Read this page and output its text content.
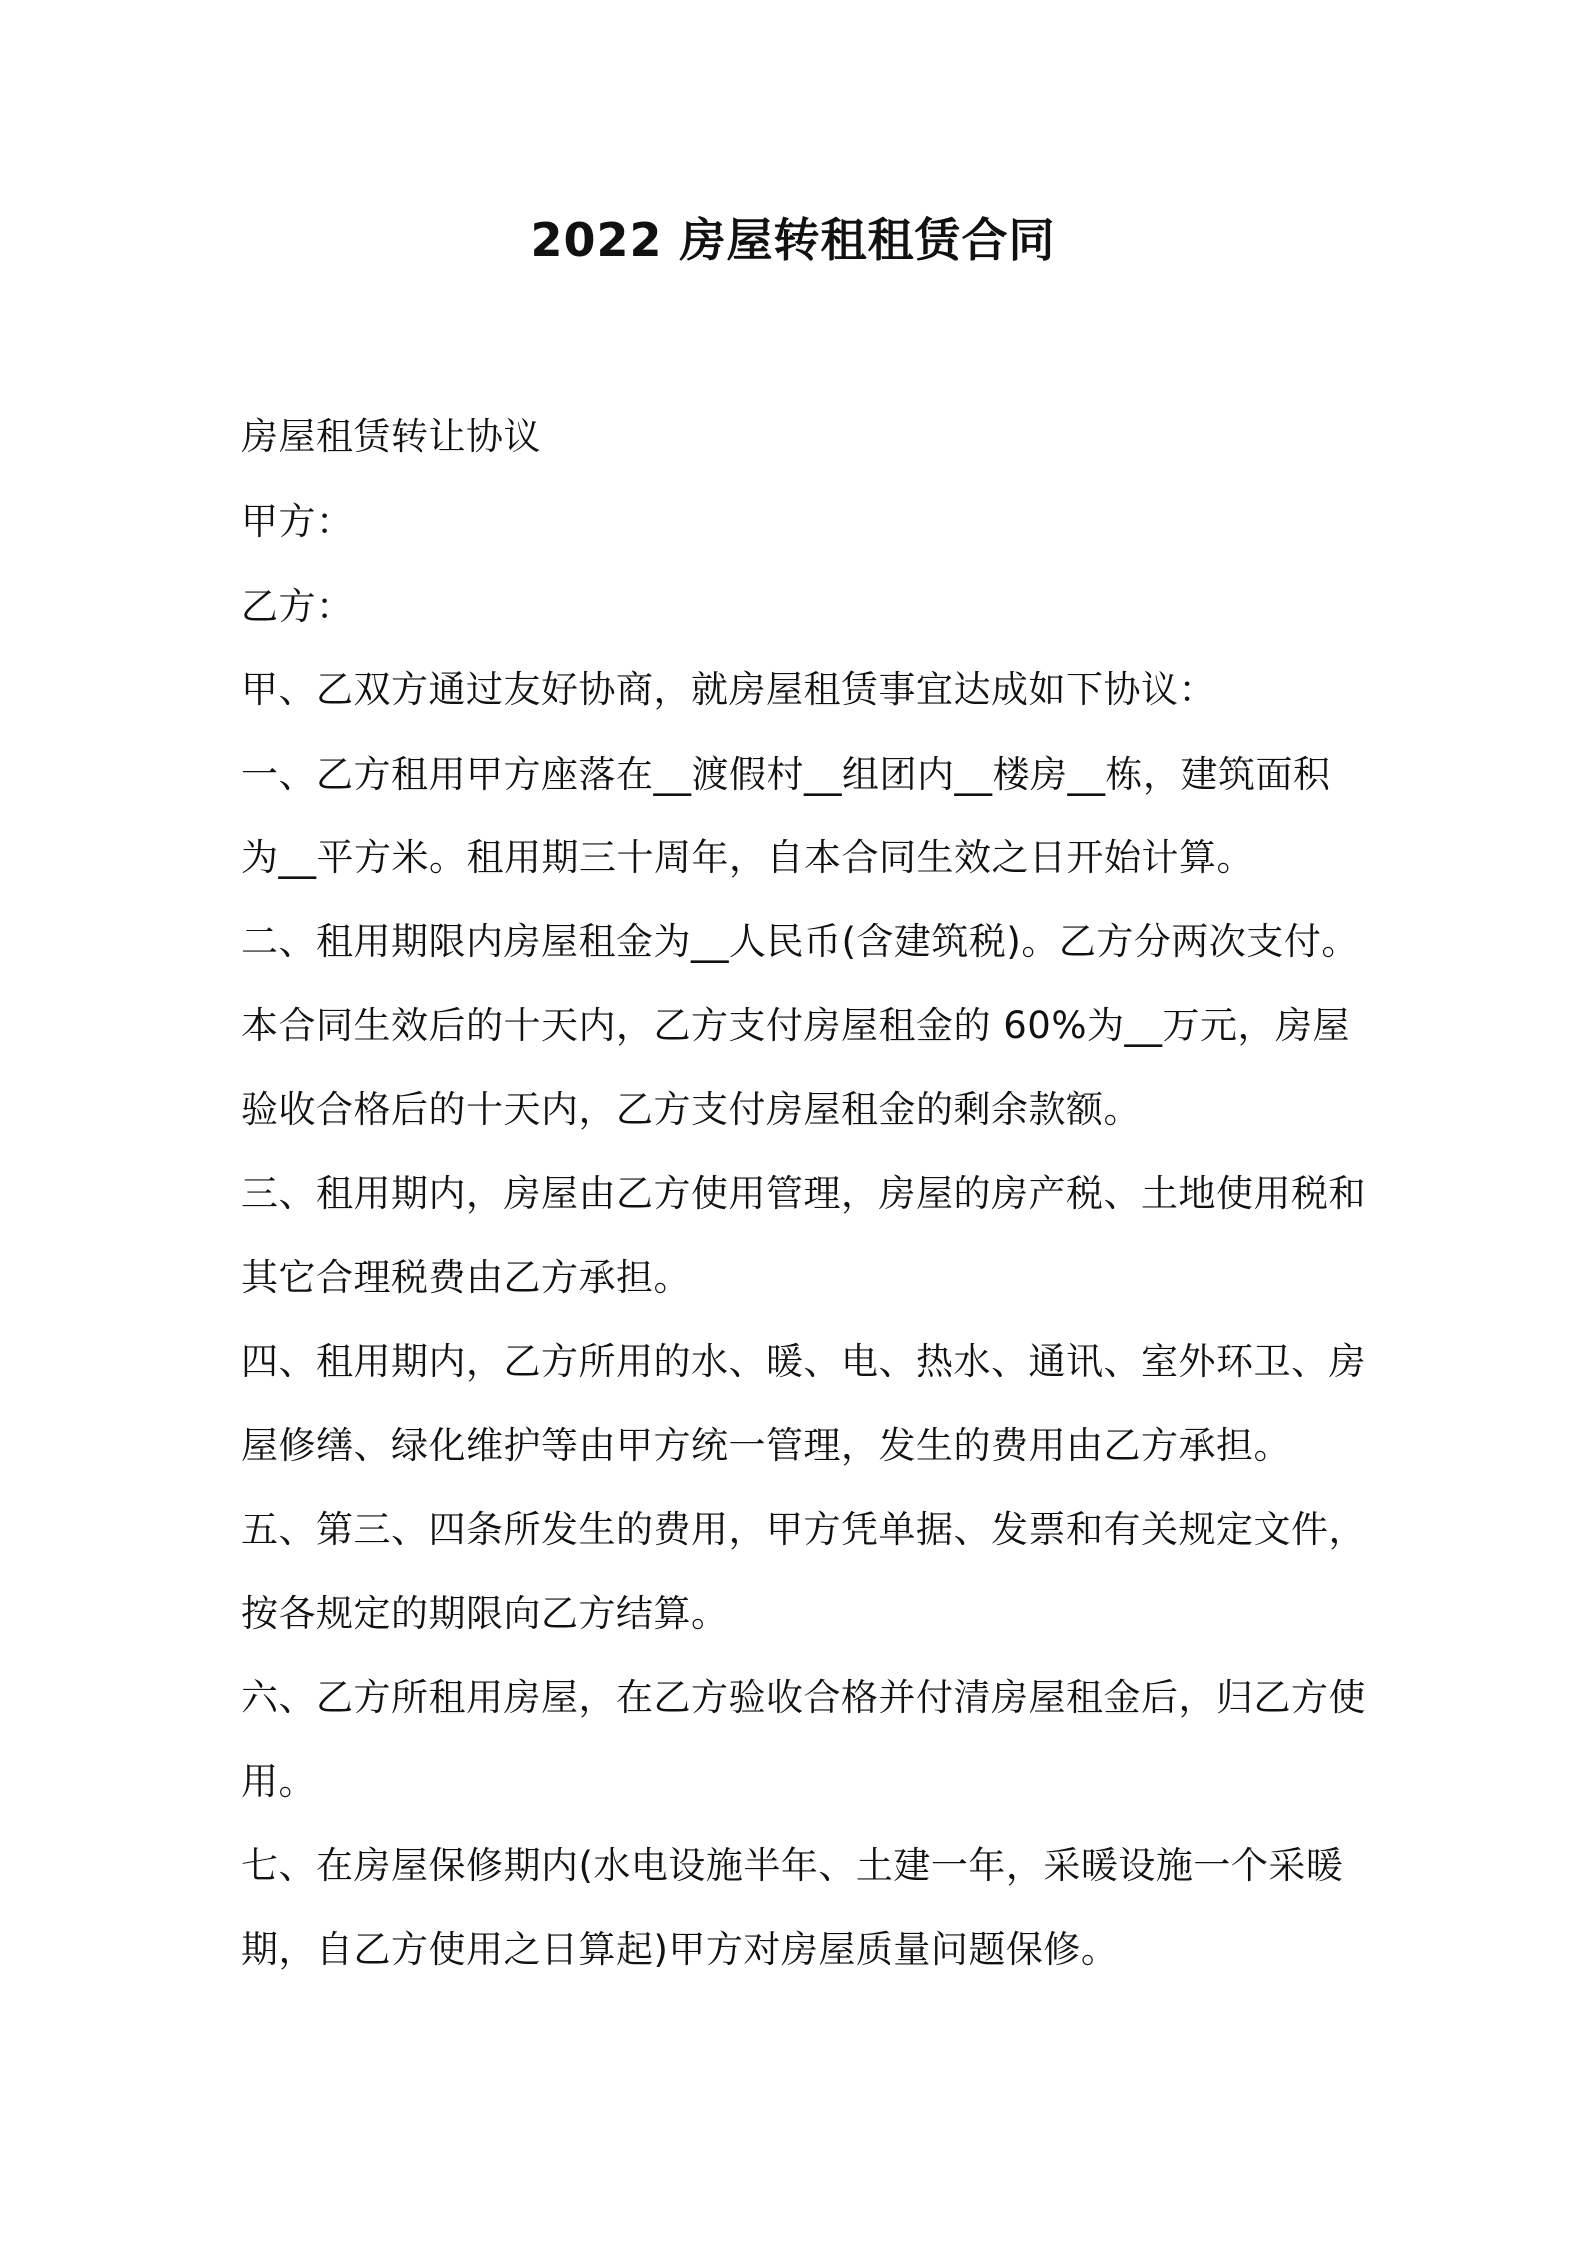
2022 房屋转租租赁合同
房屋租赁转让协议
甲方：
乙方：
甲、乙双方通过友好协商，就房屋租赁事宜达成如下协议：
一、乙方租用甲方座落在__渡假村__组团内__楼房__栋，建筑面积
为__平方米。租用期三十周年，自本合同生效之日开始计算。
二、租用期限内房屋租金为__人民币(含建筑税)。乙方分两次支付。
本合同生效后的十天内，乙方支付房屋租金的 60%为__万元，房屋
验收合格后的十天内，乙方支付房屋租金的剩余款额。
三、租用期内，房屋由乙方使用管理，房屋的房产税、土地使用税和
其它合理税费由乙方承担。
四、租用期内，乙方所用的水、暖、电、热水、通讯、室外环卫、房
屋修缮、绿化维护等由甲方统一管理，发生的费用由乙方承担。
五、第三、四条所发生的费用，甲方凭单据、发票和有关规定文件，
按各规定的期限向乙方结算。
六、乙方所租用房屋，在乙方验收合格并付清房屋租金后，归乙方使
用。
七、在房屋保修期内(水电设施半年、土建一年，采暖设施一个采暖
期，自乙方使用之日算起)甲方对房屋质量问题保修。
